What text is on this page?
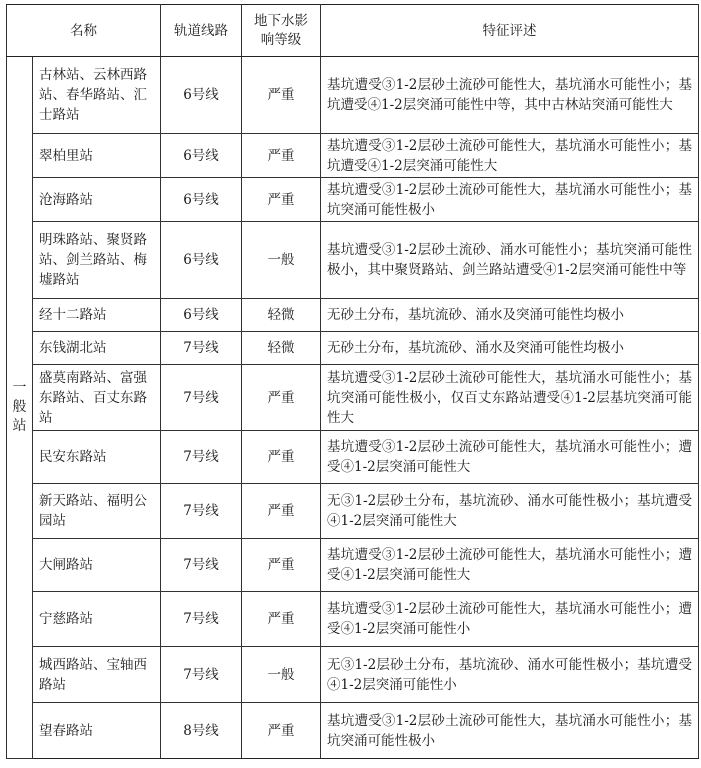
名称		轨道线路	地下水影响等级	特征评述
一般站	古林站、云林西路站、春华路站、汇士路站	6号线	严重	基坑遭受③1-2层砂土流砂可能性大，基坑涌水可能性小；基坑遭受④1-2层突涌可能性中等，其中古林站突涌可能性大
	翠柏里站	6号线	严重	基坑遭受③1-2层砂土流砂可能性大，基坑涌水可能性小；基坑遭受④1-2层突涌可能性大
	沧海路站	6号线	严重	基坑遭受③1-2层砂土流砂可能性大，基坑涌水可能性小；基坑突涌可能性极小
	明珠路站、聚贤路站、剑兰路站、梅墟路站	6号线	一般	基坑遭受③1-2层砂土流砂、涌水可能性小；基坑突涌可能性极小，其中聚贤路站、剑兰路站遭受④1-2层突涌可能性中等
	经十二路站	6号线	轻微	无砂土分布，基坑流砂、涌水及突涌可能性均极小
	东钱湖北站	7号线	轻微	无砂土分布，基坑流砂、涌水及突涌可能性均极小
	盛莫南路站、富强东路站、百丈东路站	7号线	严重	基坑遭受③1-2层砂土流砂可能性大，基坑涌水可能性小；基坑突涌可能性极小，仅百丈东路站遭受④1-2层基坑突涌可能性大
	民安东路站	7号线	严重	基坑遭受③1-2层砂土流砂可能性大，基坑涌水可能性小；遭受④1-2层突涌可能性大
	新天路站、福明公园站	7号线	严重	无③1-2层砂土分布，基坑流砂、涌水可能性极小；基坑遭受④1-2层突涌可能性大
	大闸路站	7号线	严重	基坑遭受③1-2层砂土流砂可能性大，基坑涌水可能性小；遭受④1-2层突涌可能性大
	宁慈路站	7号线	严重	基坑遭受③1-2层砂土流砂可能性大，基坑涌水可能性小；遭受④1-2层突涌可能性小
	城西路站、宝轴西路站	7号线	一般	无③1-2层砂土分布，基坑流砂、涌水可能性极小；基坑遭受④1-2层突涌可能性小
	望春路站	8号线	严重	基坑遭受③1-2层砂土流砂可能性大，基坑涌水可能性小；基坑突涌可能性极小
